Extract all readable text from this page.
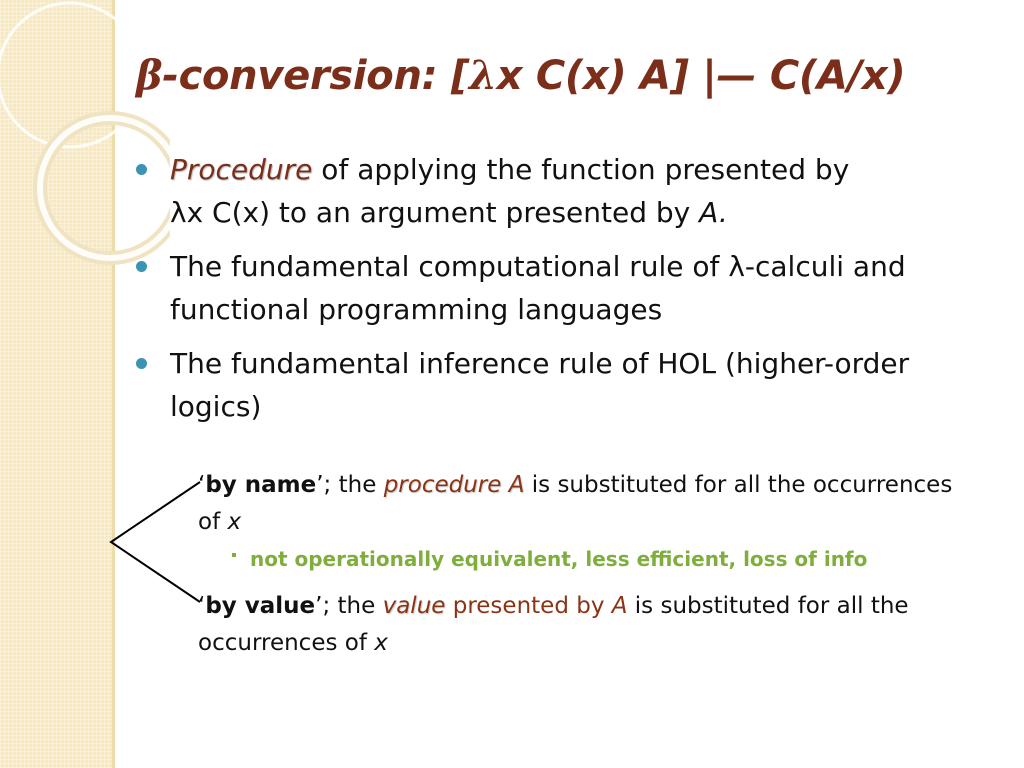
β-conversion: [λx C(x) A] |— C(A/x)
Procedure of applying the function presented by
λx C(x) to an argument presented by A.
The fundamental computational rule of λ-calculi and functional programming languages
The fundamental inference rule of HOL (higher-order logics)
‘by name’; the procedure A is substituted for all the occurrences of x
not operationally equivalent, less efficient, loss of info
‘by value’; the value presented by A is substituted for all the occurrences of x
